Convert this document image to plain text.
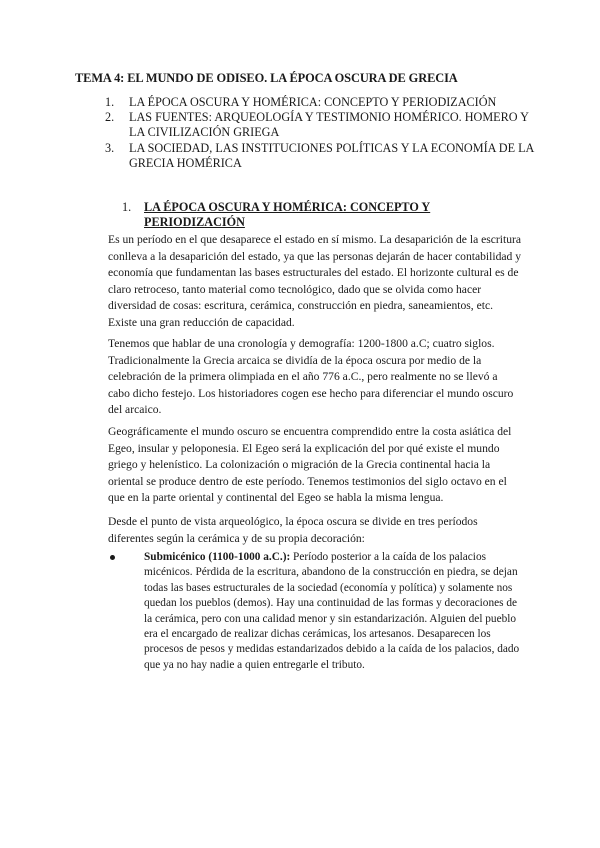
TEMA 4: EL MUNDO DE ODISEO. LA ÉPOCA OSCURA DE GRECIA
1. LA ÉPOCA OSCURA Y HOMÉRICA: CONCEPTO Y PERIODIZACIÓN
2. LAS FUENTES: ARQUEOLOGÍA Y TESTIMONIO HOMÉRICO. HOMERO Y LA CIVILIZACIÓN GRIEGA
3. LA SOCIEDAD, LAS INSTITUCIONES POLÍTICAS Y LA ECONOMÍA DE LA GRECIA HOMÉRICA
1.	LA ÉPOCA OSCURA Y HOMÉRICA: CONCEPTO Y PERIODIZACIÓN

Es un período en el que desaparece el estado en sí mismo. La desaparición de la escritura conlleva a la desaparición del estado, ya que las personas dejarán de hacer contabilidad y economía que fundamentan las bases estructurales del estado. El horizonte cultural es de claro retroceso, tanto material como tecnológico, dado que se olvida como hacer diversidad de cosas: escritura, cerámica, construcción en piedra, saneamientos, etc. Existe una gran reducción de capacidad.

Tenemos que hablar de una cronología y demografía: 1200-1800 a.C; cuatro siglos. Tradicionalmente la Grecia arcaica se dividía de la época oscura por medio de la celebración de la primera olimpiada en el año 776 a.C., pero realmente no se llevó a cabo dicho festejo. Los historiadores cogen ese hecho para diferenciar el mundo oscuro del arcaico.

Geográficamente el mundo oscuro se encuentra comprendido entre la costa asiática del Egeo, insular y peloponesia. El Egeo será la explicación del por qué existe el mundo griego y helenístico. La colonización o migración de la Grecia continental hacia la oriental se produce dentro de este período. Tenemos testimonios del siglo octavo en el que en la parte oriental y continental del Egeo se habla la misma lengua.

Desde el punto de vista arqueológico, la época oscura se divide en tres períodos diferentes según la cerámica y de su propia decoración:

Submicénico (1100-1000 a.C.): Período posterior a la caída de los palacios micénicos. Pérdida de la escritura, abandono de la construcción en piedra, se dejan todas las bases estructurales de la sociedad (economía y política) y solamente nos quedan los pueblos (demos). Hay una continuidad de las formas y decoraciones de la cerámica, pero con una calidad menor y sin estandarización. Alguien del pueblo era el encargado de realizar dichas cerámicas, los artesanos. Desaparecen los procesos de pesos y medidas estandarizados debido a la caída de los palacios, dado que ya no hay nadie a quien entregarle el tributo.
